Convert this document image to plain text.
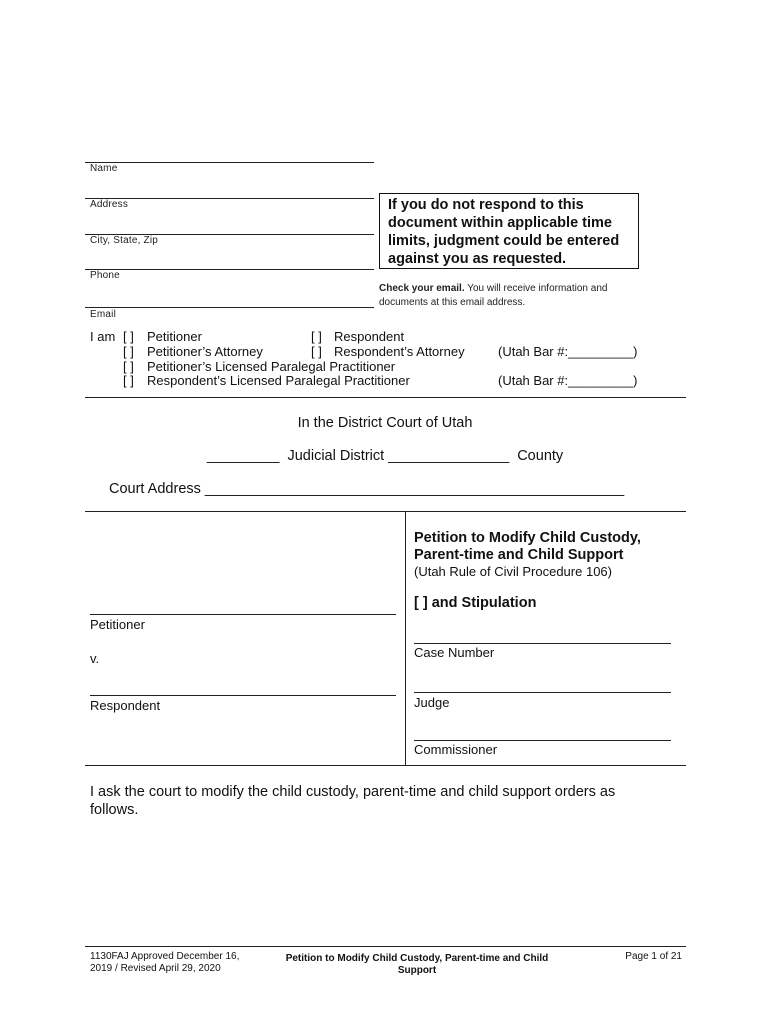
Name
Address
City, State, Zip
Phone
Email
If you do not respond to this document within applicable time limits, judgment could be entered against you as requested.
Check your email. You will receive information and documents at this email address.
I am [ ] Petitioner	[ ] Respondent
[ ] Petitioner’s Attorney	[ ] Respondent’s Attorney	(Utah Bar #:_________)
[ ] Petitioner’s Licensed Paralegal Practitioner
[ ] Respondent’s Licensed Paralegal Practitioner	(Utah Bar #:_________)
In the District Court of Utah
_________  Judicial District _______________  County
Court Address ____________________________________________________
Petitioner
v.
Respondent
Petition to Modify Child Custody,
Parent-time and Child Support
(Utah Rule of Civil Procedure 106)
[ ] and Stipulation
Case Number
Judge
Commissioner
I ask the court to modify the child custody, parent-time and child support orders as follows.
1130FAJ Approved December 16, 2019 / Revised April 29, 2020
Petition to Modify Child Custody, Parent-time and Child Support
Page 1 of 21
